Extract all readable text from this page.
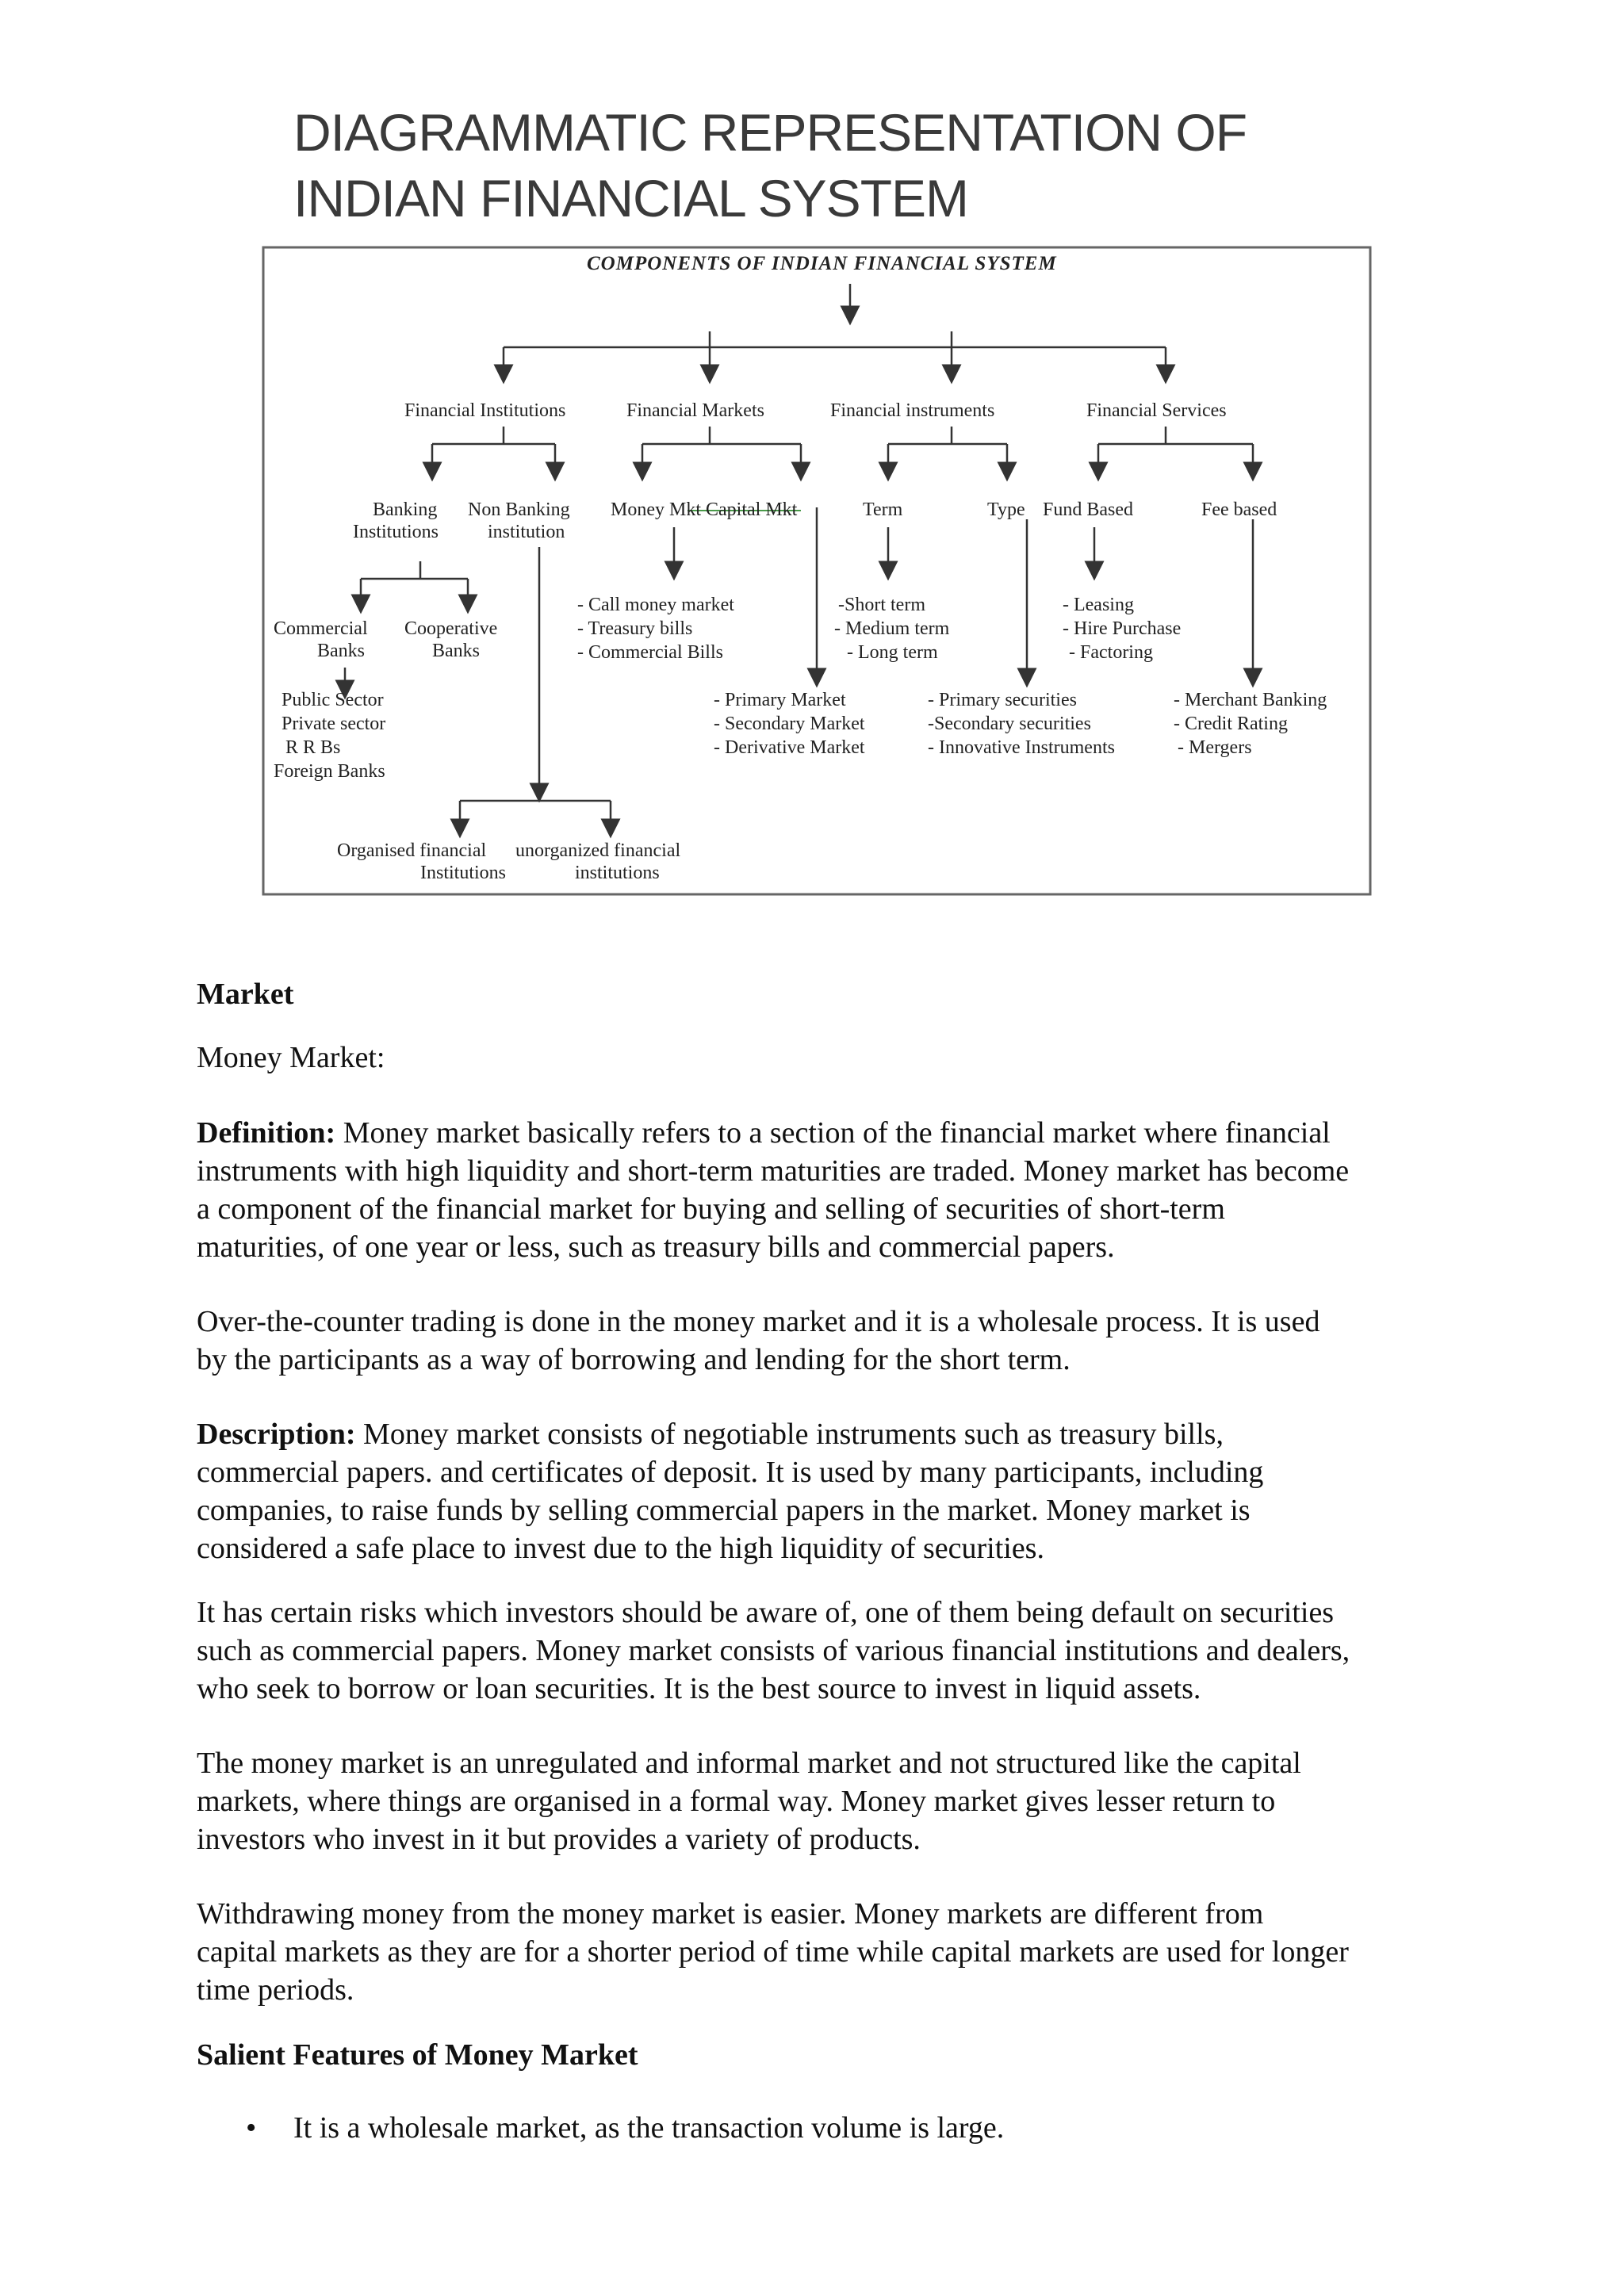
DIAGRAMMATIC REPRESENTATION OF
INDIAN FINANCIAL SYSTEM
COMPONENTS OF INDIAN FINANCIAL SYSTEM
Financial Institutions	Financial Markets	Financial instruments	Financial Services
Banking
Institutions
Non Banking
institution
Money Mkt Capital Mkt	Term	Type Fund Based	Fee based
Commercial
Banks
Cooperative
Banks
- Call money market
- Treasury bills
- Commercial Bills
-Short term
- Medium term
- Long term
- Leasing
- Hire Purchase
- Factoring
Public Sector
Private sector
R R Bs
Foreign Banks
- Primary Market
- Secondary Market
- Derivative Market
- Primary securities
-Secondary securities
- Innovative Instruments
- Merchant Banking
- Credit Rating
- Mergers
Organised financial
Institutions
unorganized financial
institutions
Market
Money Market:
Definition: Money market basically refers to a section of the financial market where financial
instruments with high liquidity and short-term maturities are traded. Money market has become
a component of the financial market for buying and selling of securities of short-term
maturities, of one year or less, such as treasury bills and commercial papers.
Over-the-counter trading is done in the money market and it is a wholesale process. It is used
by the participants as a way of borrowing and lending for the short term.
Description: Money market consists of negotiable instruments such as treasury bills,
commercial papers. and certificates of deposit. It is used by many participants, including
companies, to raise funds by selling commercial papers in the market. Money market is
considered a safe place to invest due to the high liquidity of securities.
It has certain risks which investors should be aware of, one of them being default on securities
such as commercial papers. Money market consists of various financial institutions and dealers,
who seek to borrow or loan securities. It is the best source to invest in liquid assets.
The money market is an unregulated and informal market and not structured like the capital
markets, where things are organised in a formal way. Money market gives lesser return to
investors who invest in it but provides a variety of products.
Withdrawing money from the money market is easier. Money markets are different from
capital markets as they are for a shorter period of time while capital markets are used for longer
time periods.
Salient Features of Money Market
• It is a wholesale market, as the transaction volume is large.
